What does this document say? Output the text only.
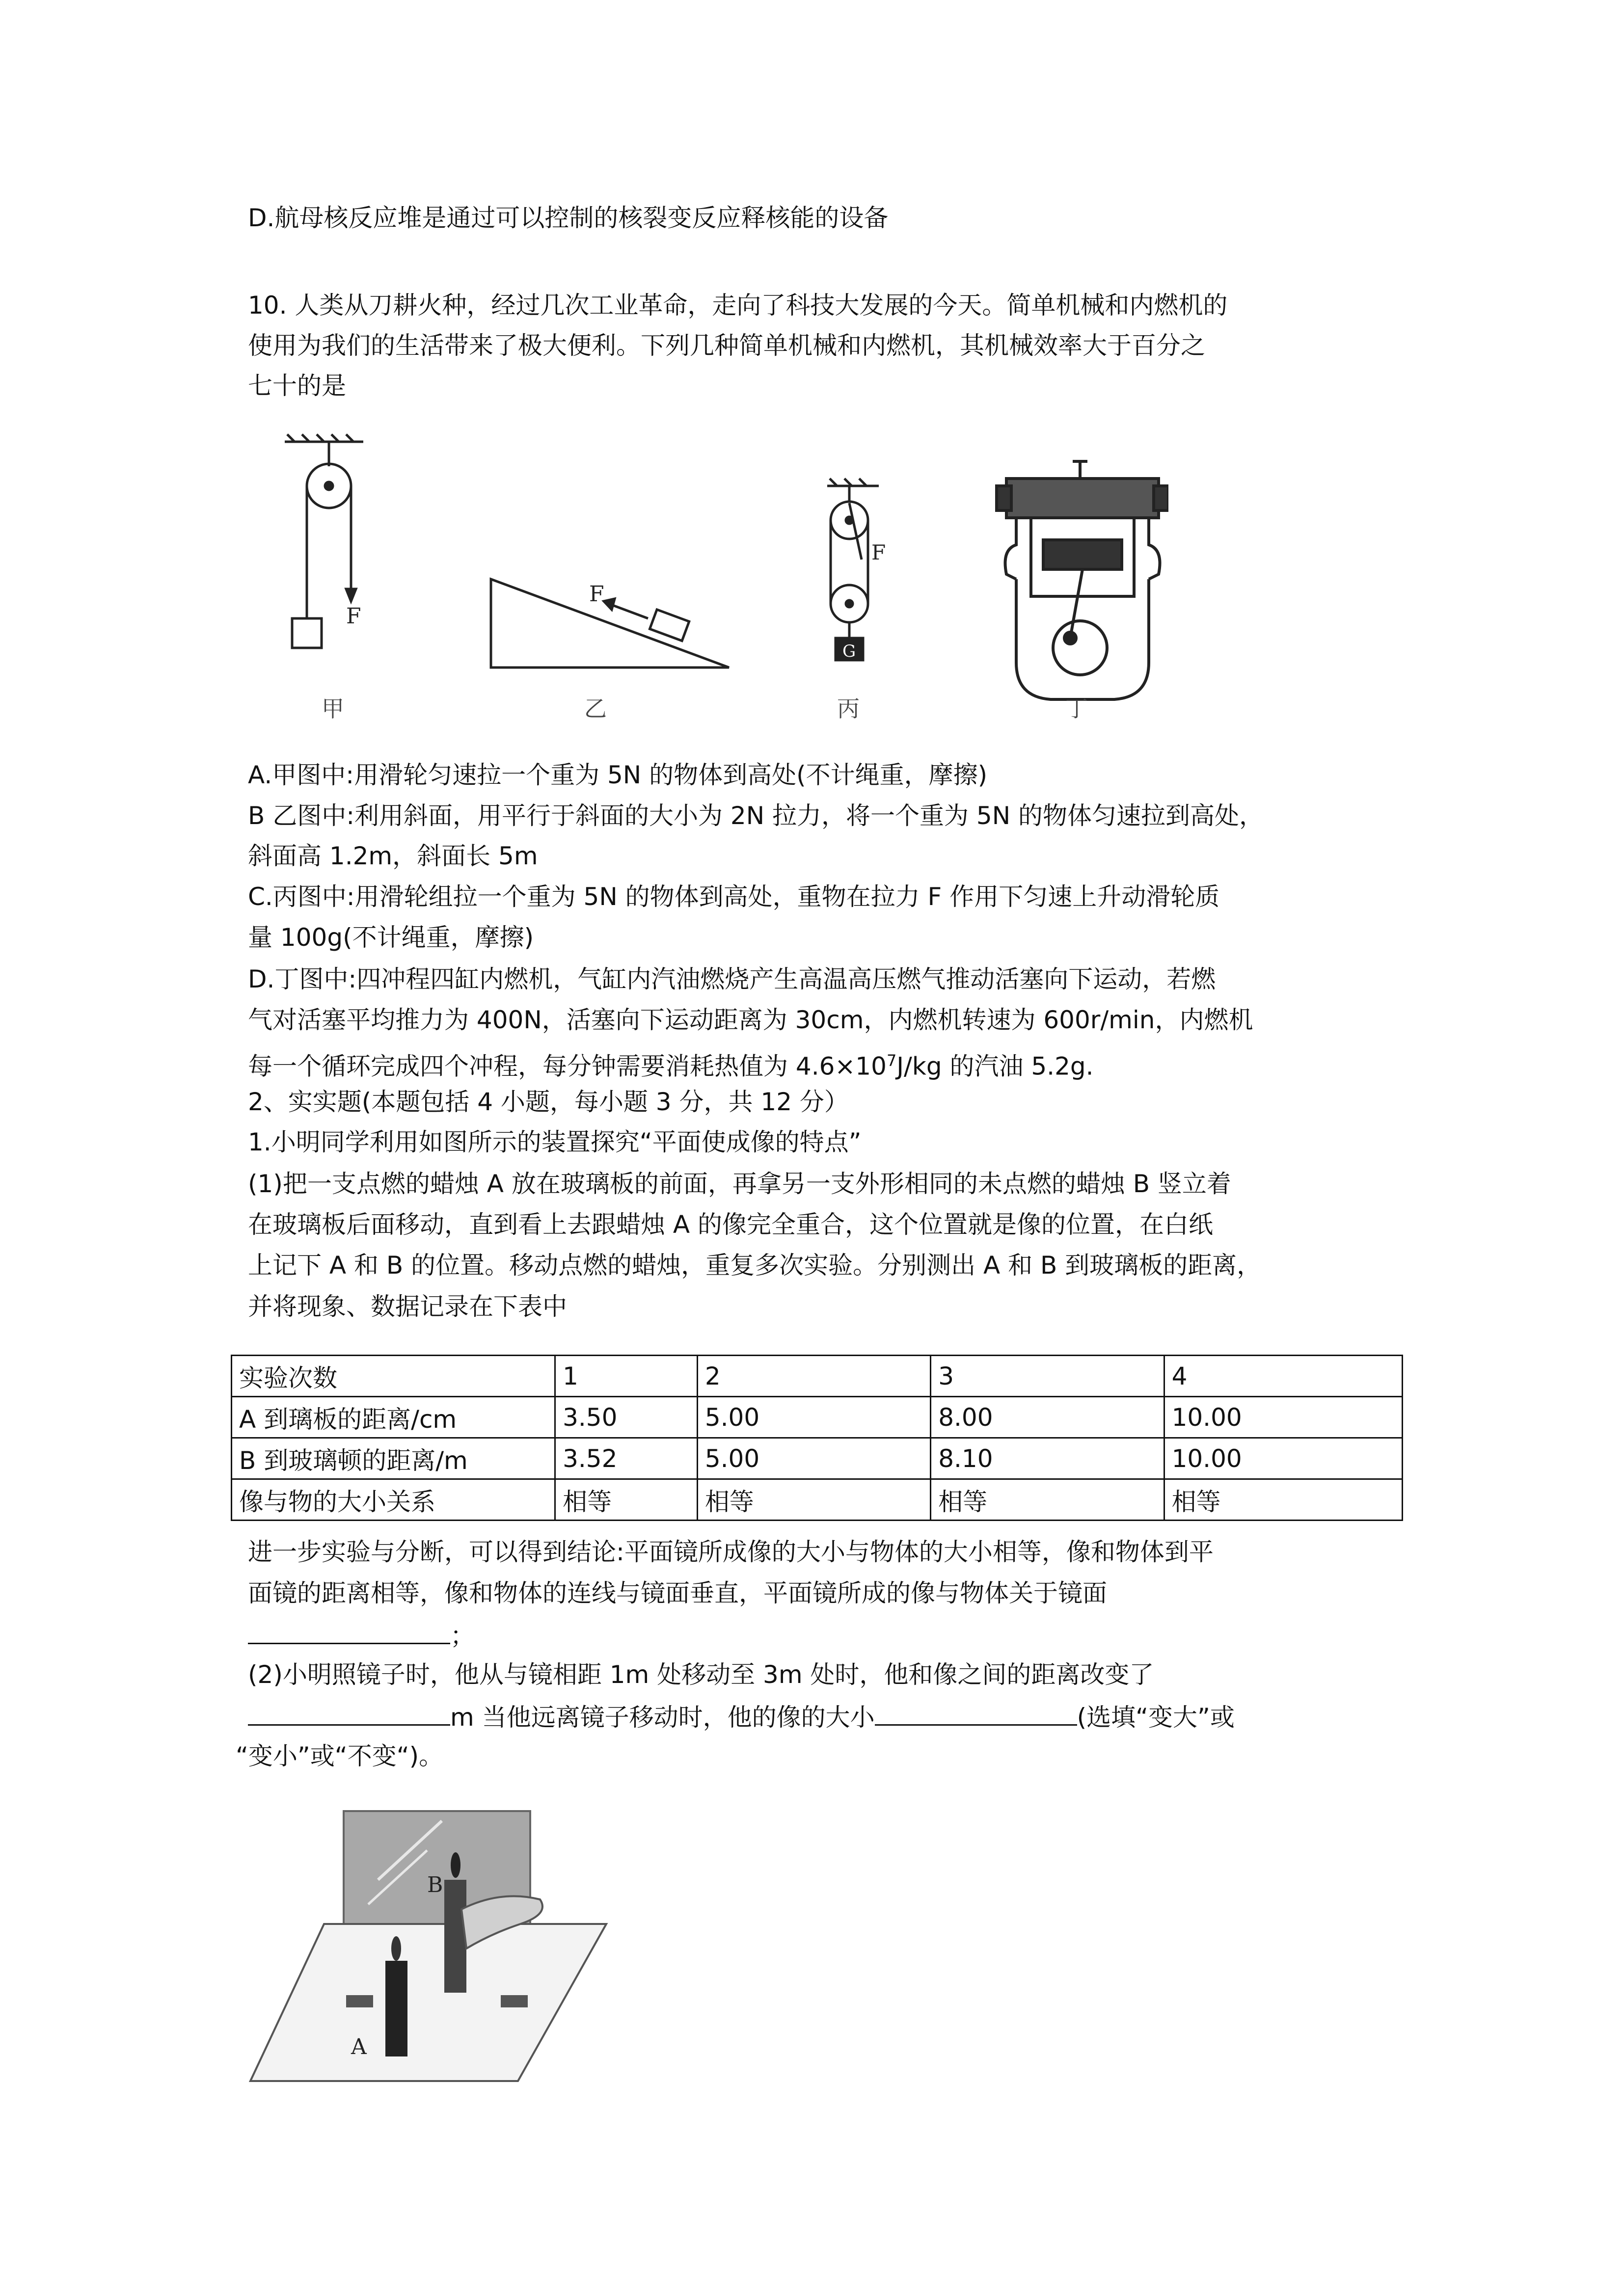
D.航母核反应堆是通过可以控制的核裂变反应释核能的设备
10. 人类从刀耕火种，经过几次工业革命，走向了科技大发展的今天。简单机械和内燃机的
使用为我们的生活带来了极大便利。下列几种简单机械和内燃机，其机械效率大于百分之
七十的是
F
F
F
G
甲	乙	丙	丁
A.甲图中:用滑轮匀速拉一个重为 5N 的物体到高处(不计绳重，摩擦)
B 乙图中:利用斜面，用平行于斜面的大小为 2N 拉力，将一个重为 5N 的物体匀速拉到高处，
斜面高 1.2m，斜面长 5m
C.丙图中:用滑轮组拉一个重为 5N 的物体到高处，重物在拉力 F 作用下匀速上升动滑轮质
量 100g(不计绳重，摩擦)
D.丁图中:四冲程四缸内燃机，气缸内汽油燃烧产生高温高压燃气推动活塞向下运动，若燃
气对活塞平均推力为 400N，活塞向下运动距离为 30cm，内燃机转速为 600r/min，内燃机
每一个循环完成四个冲程，每分钟需要消耗热值为 $4.6\times 10^7J/kg$ 的汽油 5.2g.
2、实实题(本题包括 4 小题，每小题 3 分，共 12 分）
1.小明同学利用如图所示的装置探究“平面使成像的特点”
(1)把一支点燃的蜡烛 A 放在玻璃板的前面，再拿另一支外形相同的未点燃的蜡烛 B 竖立着
在玻璃板后面移动，直到看上去跟蜡烛 A 的像完全重合，这个位置就是像的位置，在白纸
上记下 A 和 B 的位置。移动点燃的蜡烛，重复多次实验。分别测出 A 和 B 到玻璃板的距离，
并将现象、数据记录在下表中
实验次数	1	2	3	4
A 到璃板的距离/cm	3.50	5.00	8.00	10.00
B 到玻璃顿的距离/m	3.52	5.00	8.10	10.00
像与物的大小关系	相等	相等	相等	相等
进一步实验与分断，可以得到结论:平面镜所成像的大小与物体的大小相等，像和物体到平
面镜的距离相等，像和物体的连线与镜面垂直，平面镜所成的像与物体关于镜面
；
(2)小明照镜子时，他从与镜相距 1m 处移动至 3m 处时，他和像之间的距离改变了
m 当他远离镜子移动时，他的像的大小	(选填“变大”或
“变小”或“不变“)。
B
A
